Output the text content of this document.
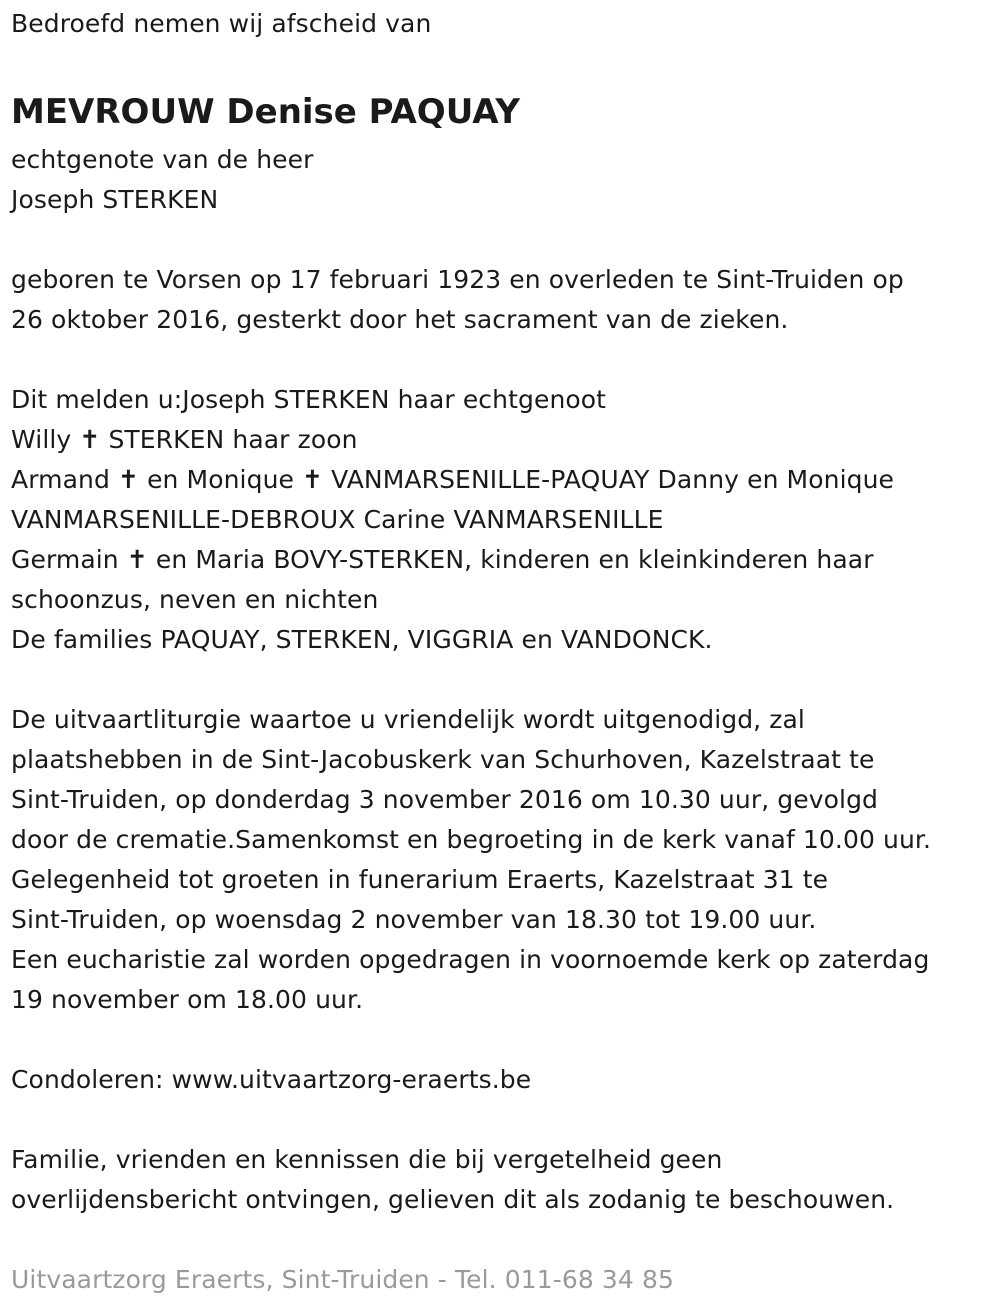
Bedroefd nemen wij afscheid van
MEVROUW Denise PAQUAY
echtgenote van de heer
Joseph STERKEN
geboren te Vorsen op 17 februari 1923 en overleden te Sint-Truiden op
26 oktober 2016, gesterkt door het sacrament van de zieken.
Dit melden u:Joseph STERKEN haar echtgenoot
Willy ✝ STERKEN haar zoon
Armand ✝ en Monique ✝ VANMARSENILLE-PAQUAY Danny en Monique
VANMARSENILLE-DEBROUX Carine VANMARSENILLE
Germain ✝ en Maria BOVY-STERKEN, kinderen en kleinkinderen haar
schoonzus, neven en nichten
De families PAQUAY, STERKEN, VIGGRIA en VANDONCK.
De uitvaartliturgie waartoe u vriendelijk wordt uitgenodigd, zal
plaatshebben in de Sint-Jacobuskerk van Schurhoven, Kazelstraat te
Sint-Truiden, op donderdag 3 november 2016 om 10.30 uur, gevolgd
door de crematie.Samenkomst en begroeting in de kerk vanaf 10.00 uur.
Gelegenheid tot groeten in funerarium Eraerts, Kazelstraat 31 te
Sint-Truiden, op woensdag 2 november van 18.30 tot 19.00 uur.
Een eucharistie zal worden opgedragen in voornoemde kerk op zaterdag
19 november om 18.00 uur.
Condoleren: www.uitvaartzorg-eraerts.be
Familie, vrienden en kennissen die bij vergetelheid geen
overlijdensbericht ontvingen, gelieven dit als zodanig te beschouwen.
Uitvaartzorg Eraerts, Sint-Truiden - Tel. 011-68 34 85
